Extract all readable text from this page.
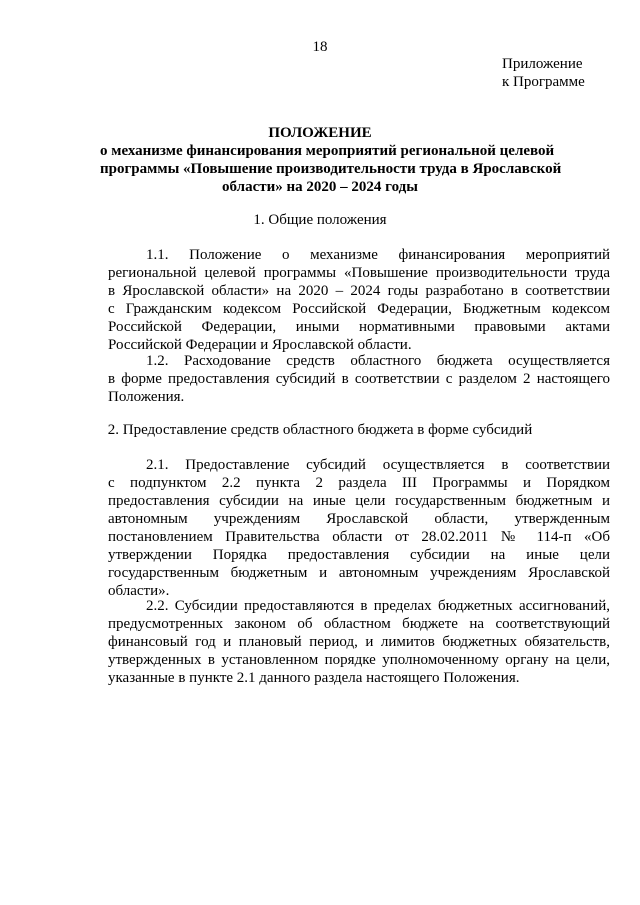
18
Приложение
к Программе
ПОЛОЖЕНИЕ
о механизме финансирования мероприятий региональной целевой
программы «Повышение производительности труда в Ярославской
области» на 2020 – 2024 годы
1. Общие положения
1.1. Положение о механизме финансирования мероприятий
региональной целевой программы «Повышение производительности труда
в Ярославской области» на 2020 – 2024 годы разработано в соответствии
с Гражданским кодексом Российской Федерации, Бюджетным кодексом
Российской Федерации, иными нормативными правовыми актами
Российской Федерации и Ярославской области.
1.2. Расходование средств областного бюджета осуществляется
в форме предоставления субсидий в соответствии с разделом 2 настоящего
Положения.
2. Предоставление средств областного бюджета в форме субсидий
2.1. Предоставление субсидий осуществляется в соответствии
с подпунктом 2.2 пункта 2 раздела III Программы и Порядком
предоставления субсидии на иные цели государственным бюджетным и
автономным учреждениям Ярославской области, утвержденным
постановлением Правительства области от 28.02.2011 № 114-п «Об
утверждении Порядка предоставления субсидии на иные цели
государственным бюджетным и автономным учреждениям Ярославской
области».
2.2. Субсидии предоставляются в пределах бюджетных ассигнований,
предусмотренных законом об областном бюджете на соответствующий
финансовый год и плановый период, и лимитов бюджетных обязательств,
утвержденных в установленном порядке уполномоченному органу на цели,
указанные в пункте 2.1 данного раздела настоящего Положения.
